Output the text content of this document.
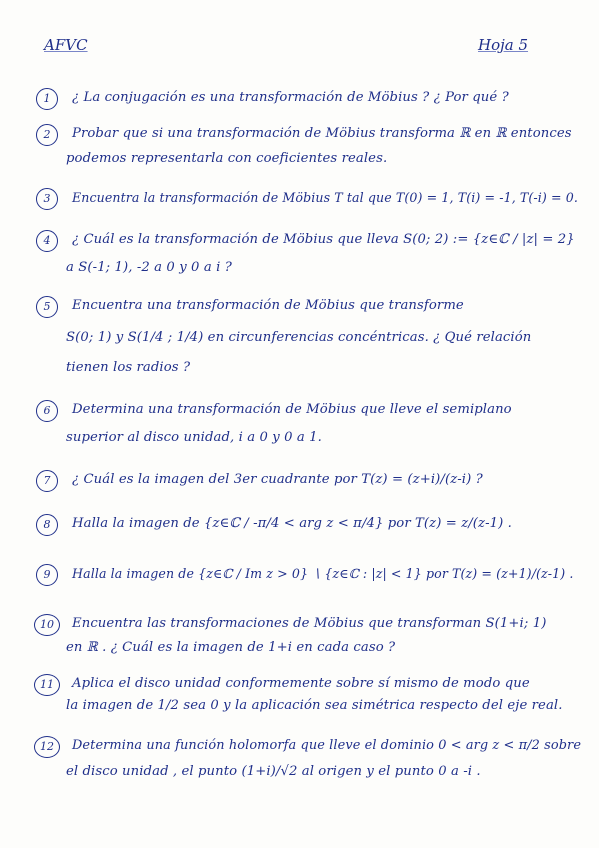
AFVC	Hoja 5
1	¿ La conjugación es una transformación de Möbius ? ¿ Por qué ?
2	Probar que si una transformación de Möbius transforma ℝ en ℝ entonces
podemos representarla con coeficientes reales.
3	Encuentra la transformación de Möbius T tal que T(0) = 1, T(i) = -1, T(-i) = 0.
4	¿ Cuál es la transformación de Möbius que lleva S(0; 2) := {z∈ℂ / |z| = 2}
a S(-1; 1), -2 a 0 y 0 a i ?
5	Encuentra una transformación de Möbius que transforme
S(0; 1) y S(1/4 ; 1/4) en circunferencias concéntricas. ¿ Qué relación
tienen los radios ?
6	Determina una transformación de Möbius que lleve el semiplano
superior al disco unidad, i a 0 y 0 a 1.
7	¿ Cuál es la imagen del 3er cuadrante por T(z) = (z+i)/(z-i) ?
8	Halla la imagen de {z∈ℂ / -π/4 < arg z < π/4} por T(z) = z/(z-1) .
9	Halla la imagen de {z∈ℂ / Im z > 0} ∖ {z∈ℂ : |z| < 1} por T(z) = (z+1)/(z-1) .
10	Encuentra las transformaciones de Möbius que transforman S(1+i; 1)
en ℝ . ¿ Cuál es la imagen de 1+i en cada caso ?
11	Aplica el disco unidad conformemente sobre sí mismo de modo que
la imagen de 1/2 sea 0 y la aplicación sea simétrica respecto del eje real.
12	Determina una función holomorfa que lleve el dominio 0 < arg z < π/2 sobre
el disco unidad , el punto (1+i)/√2 al origen y el punto 0 a -i .
